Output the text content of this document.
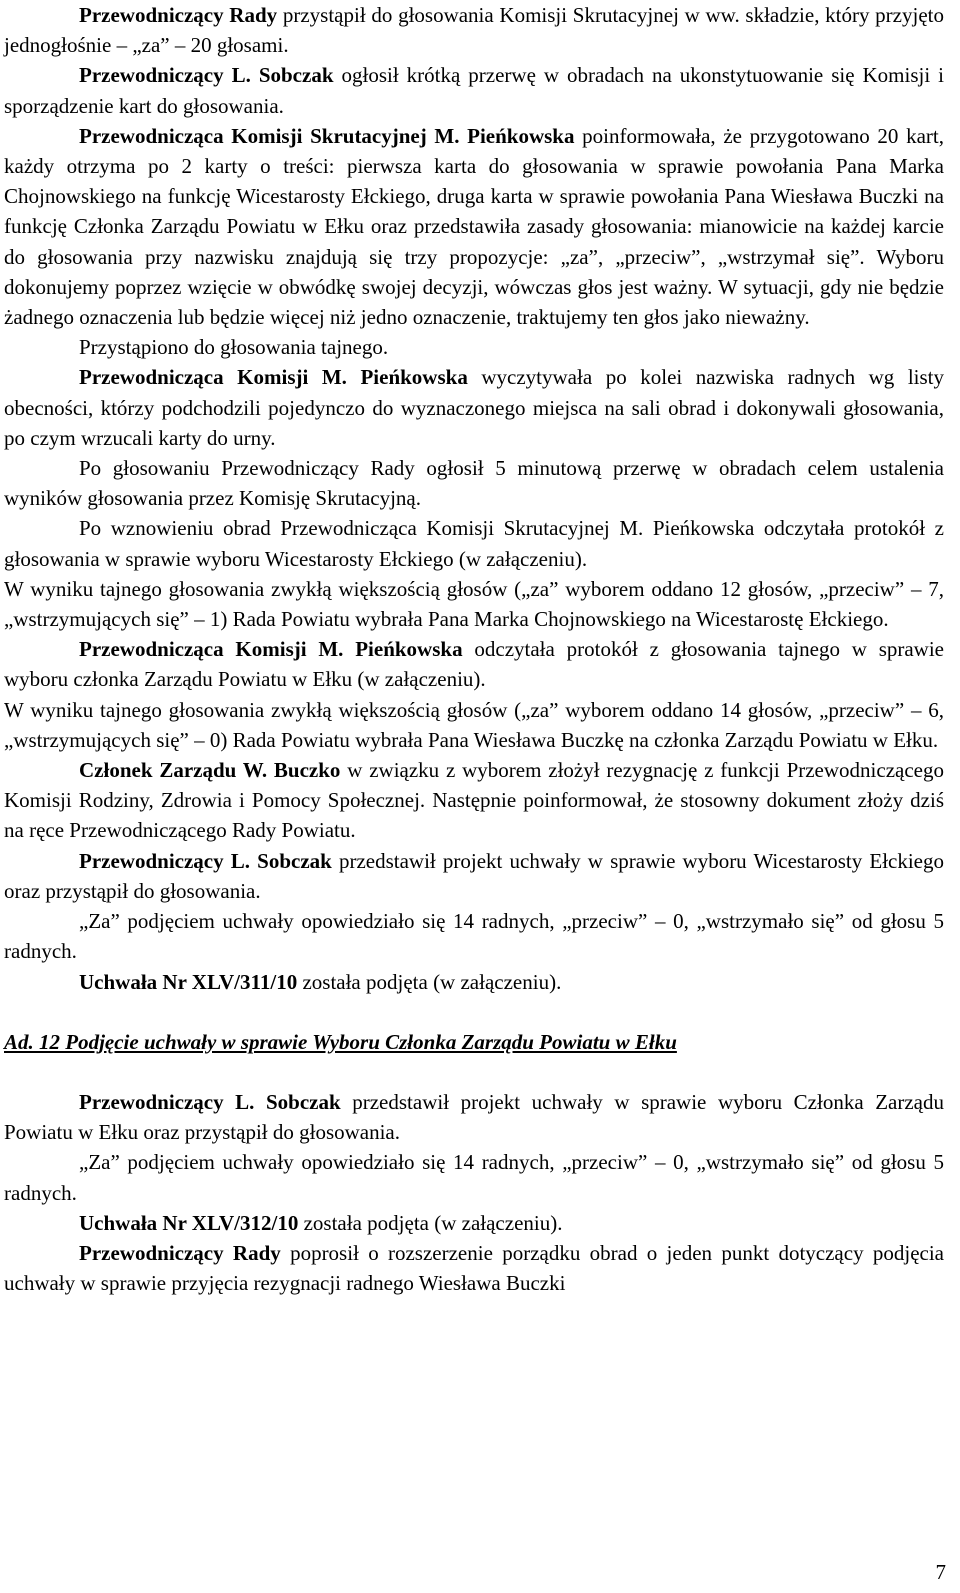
Przewodniczący Rady przystąpił do głosowania Komisji Skrutacyjnej w ww. składzie, który przyjęto jednogłośnie – „za” – 20 głosami.

Przewodniczący L. Sobczak ogłosił krótką przerwę w obradach na ukonstytuowanie się Komisji i sporządzenie kart do głosowania.

Przewodnicząca Komisji Skrutacyjnej M. Pieńkowska poinformowała, że przygotowano 20 kart, każdy otrzyma po 2 karty o treści: pierwsza karta do głosowania w sprawie powołania Pana Marka Chojnowskiego na funkcję Wicestarosty Ełckiego, druga karta w sprawie powołania Pana Wiesława Buczki na funkcję Członka Zarządu Powiatu w Ełku oraz przedstawiła zasady głosowania: mianowicie na każdej karcie do głosowania przy nazwisku znajdują się trzy propozycje: „za”, „przeciw”, „wstrzymał się”. Wyboru dokonujemy poprzez wzięcie w obwódkę swojej decyzji, wówczas głos jest ważny. W sytuacji, gdy nie będzie żadnego oznaczenia lub będzie więcej niż jedno oznaczenie, traktujemy ten głos jako nieważny.

Przystąpiono do głosowania tajnego.

Przewodnicząca Komisji M. Pieńkowska wyczytywała po kolei nazwiska radnych wg listy obecności, którzy podchodzili pojedynczo do wyznaczonego miejsca na sali obrad i dokonywali głosowania, po czym wrzucali karty do urny.

Po głosowaniu Przewodniczący Rady ogłosił 5 minutową przerwę w obradach celem ustalenia wyników głosowania przez Komisję Skrutacyjną.

Po wznowieniu obrad Przewodnicząca Komisji Skrutacyjnej M. Pieńkowska odczytała protokół z głosowania w sprawie wyboru Wicestarosty Ełckiego (w załączeniu).

W wyniku tajnego głosowania zwykłą większością głosów („za” wyborem oddano 12 głosów, „przeciw” – 7, „wstrzymujących się” – 1) Rada Powiatu wybrała Pana Marka Chojnowskiego na Wicestarostę Ełckiego.

Przewodnicząca Komisji M. Pieńkowska odczytała protokół z głosowania tajnego w sprawie wyboru członka Zarządu Powiatu w Ełku (w załączeniu).

W wyniku tajnego głosowania zwykłą większością głosów („za” wyborem oddano 14 głosów, „przeciw” – 6, „wstrzymujących się” – 0) Rada Powiatu wybrała Pana Wiesława Buczkę na członka Zarządu Powiatu w Ełku.

Członek Zarządu W. Buczko w związku z wyborem złożył rezygnację z funkcji Przewodniczącego Komisji Rodziny, Zdrowia i Pomocy Społecznej. Następnie poinformował, że stosowny dokument złoży dziś na ręce Przewodniczącego Rady Powiatu.

Przewodniczący L. Sobczak przedstawił projekt uchwały w sprawie wyboru Wicestarosty Ełckiego oraz przystąpił do głosowania.

„Za” podjęciem uchwały opowiedziało się 14 radnych, „przeciw” – 0, „wstrzymało się” od głosu 5 radnych.

Uchwała Nr XLV/311/10 została podjęta (w załączeniu).

Ad. 12 Podjęcie uchwały w sprawie Wyboru Członka Zarządu Powiatu w Ełku

Przewodniczący L. Sobczak przedstawił projekt uchwały w sprawie wyboru Członka Zarządu Powiatu w Ełku oraz przystąpił do głosowania.

„Za” podjęciem uchwały opowiedziało się 14 radnych, „przeciw” – 0, „wstrzymało się” od głosu 5 radnych.

Uchwała Nr XLV/312/10 została podjęta (w załączeniu).

Przewodniczący Rady poprosił o rozszerzenie porządku obrad o jeden punkt dotyczący podjęcia uchwały w sprawie przyjęcia rezygnacji radnego Wiesława Buczki

7
